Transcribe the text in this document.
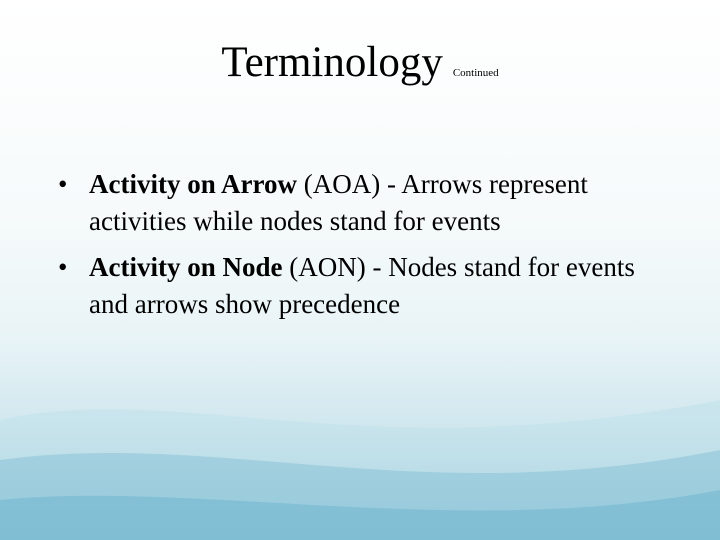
Terminology Continued
• Activity on Arrow (AOA) - Arrows represent activities while nodes stand for events
• Activity on Node (AON) - Nodes stand for events and arrows show precedence
